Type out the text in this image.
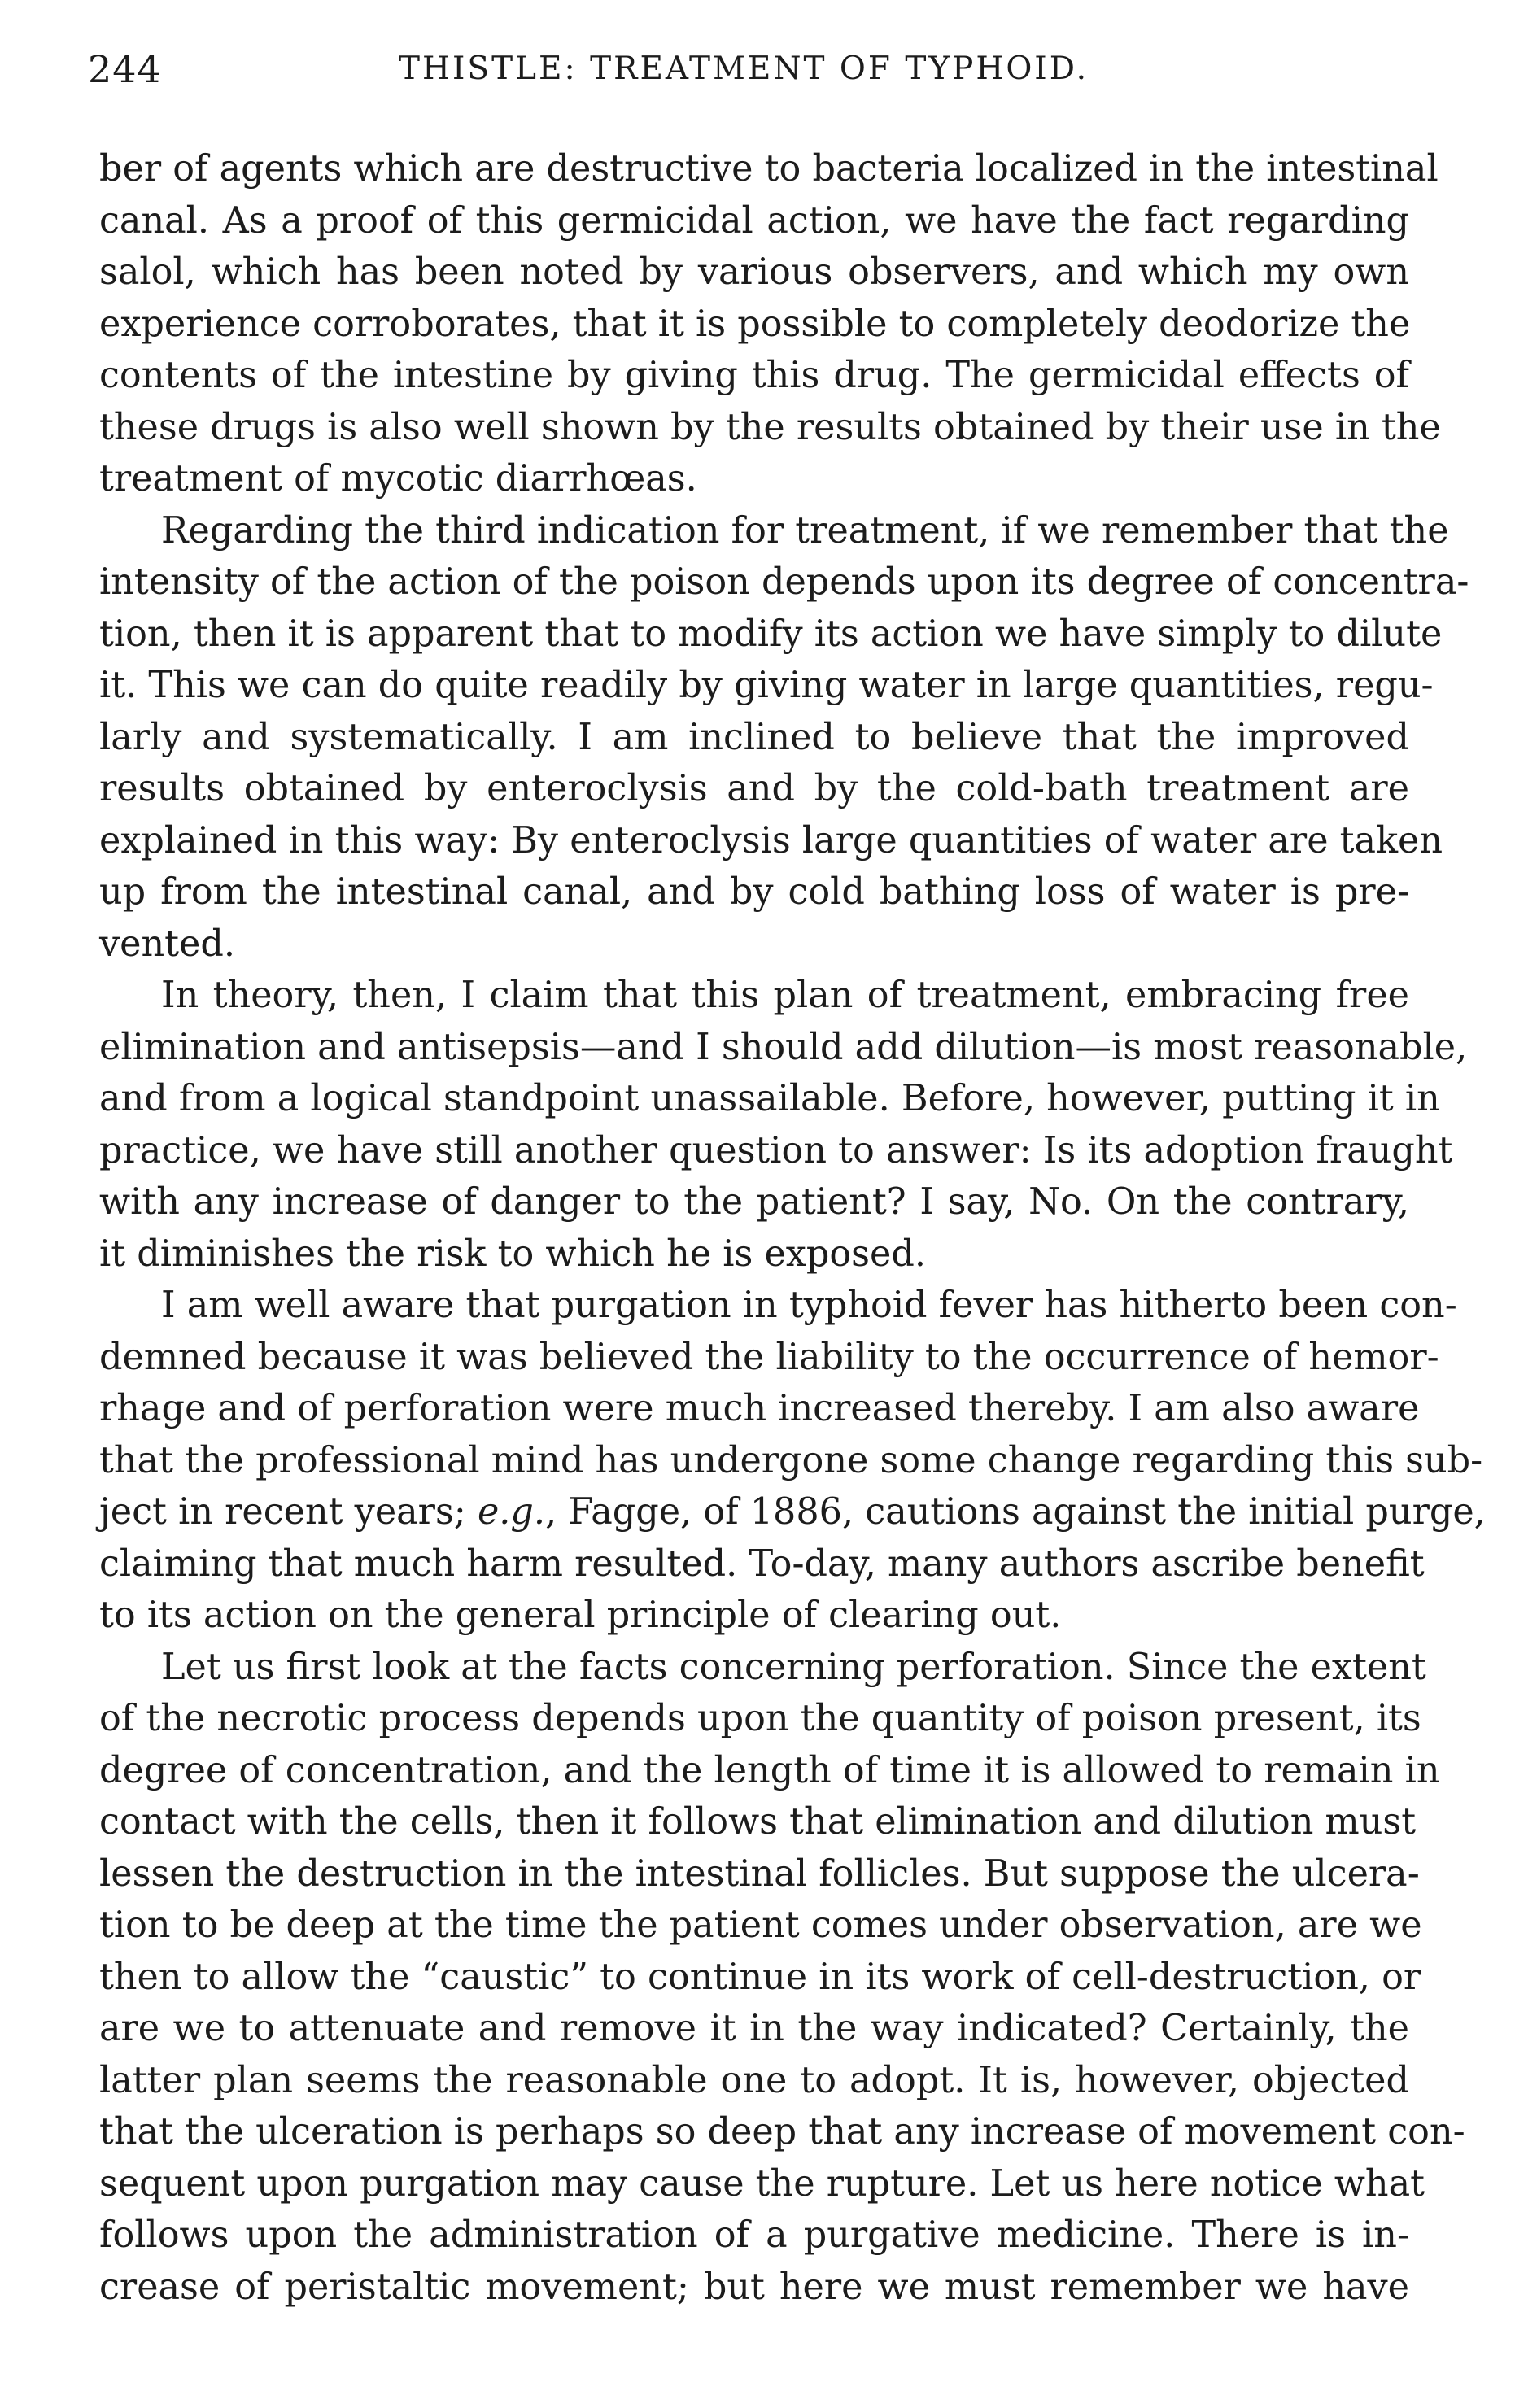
244	THISTLE: TREATMENT OF TYPHOID.
ber of agents which are destructive to bacteria localized in the intestinal
canal. As a proof of this germicidal action, we have the fact regarding
salol, which has been noted by various observers, and which my own
experience corroborates, that it is possible to completely deodorize the
contents of the intestine by giving this drug. The germicidal effects of
these drugs is also well shown by the results obtained by their use in the
treatment of mycotic diarrhœas.
Regarding the third indication for treatment, if we remember that the
intensity of the action of the poison depends upon its degree of concentra-
tion, then it is apparent that to modify its action we have simply to dilute
it. This we can do quite readily by giving water in large quantities, regu-
larly and systematically. I am inclined to believe that the improved
results obtained by enteroclysis and by the cold-bath treatment are
explained in this way: By enteroclysis large quantities of water are taken
up from the intestinal canal, and by cold bathing loss of water is pre-
vented.
In theory, then, I claim that this plan of treatment, embracing free
elimination and antisepsis—and I should add dilution—is most reasonable,
and from a logical standpoint unassailable. Before, however, putting it in
practice, we have still another question to answer: Is its adoption fraught
with any increase of danger to the patient? I say, No. On the contrary,
it diminishes the risk to which he is exposed.
I am well aware that purgation in typhoid fever has hitherto been con-
demned because it was believed the liability to the occurrence of hemor-
rhage and of perforation were much increased thereby. I am also aware
that the professional mind has undergone some change regarding this sub-
ject in recent years; e.g., Fagge, of 1886, cautions against the initial purge,
claiming that much harm resulted. To-day, many authors ascribe benefit
to its action on the general principle of clearing out.
Let us first look at the facts concerning perforation. Since the extent
of the necrotic process depends upon the quantity of poison present, its
degree of concentration, and the length of time it is allowed to remain in
contact with the cells, then it follows that elimination and dilution must
lessen the destruction in the intestinal follicles. But suppose the ulcera-
tion to be deep at the time the patient comes under observation, are we
then to allow the “caustic” to continue in its work of cell-destruction, or
are we to attenuate and remove it in the way indicated? Certainly, the
latter plan seems the reasonable one to adopt. It is, however, objected
that the ulceration is perhaps so deep that any increase of movement con-
sequent upon purgation may cause the rupture. Let us here notice what
follows upon the administration of a purgative medicine. There is in-
crease of peristaltic movement; but here we must remember we have
